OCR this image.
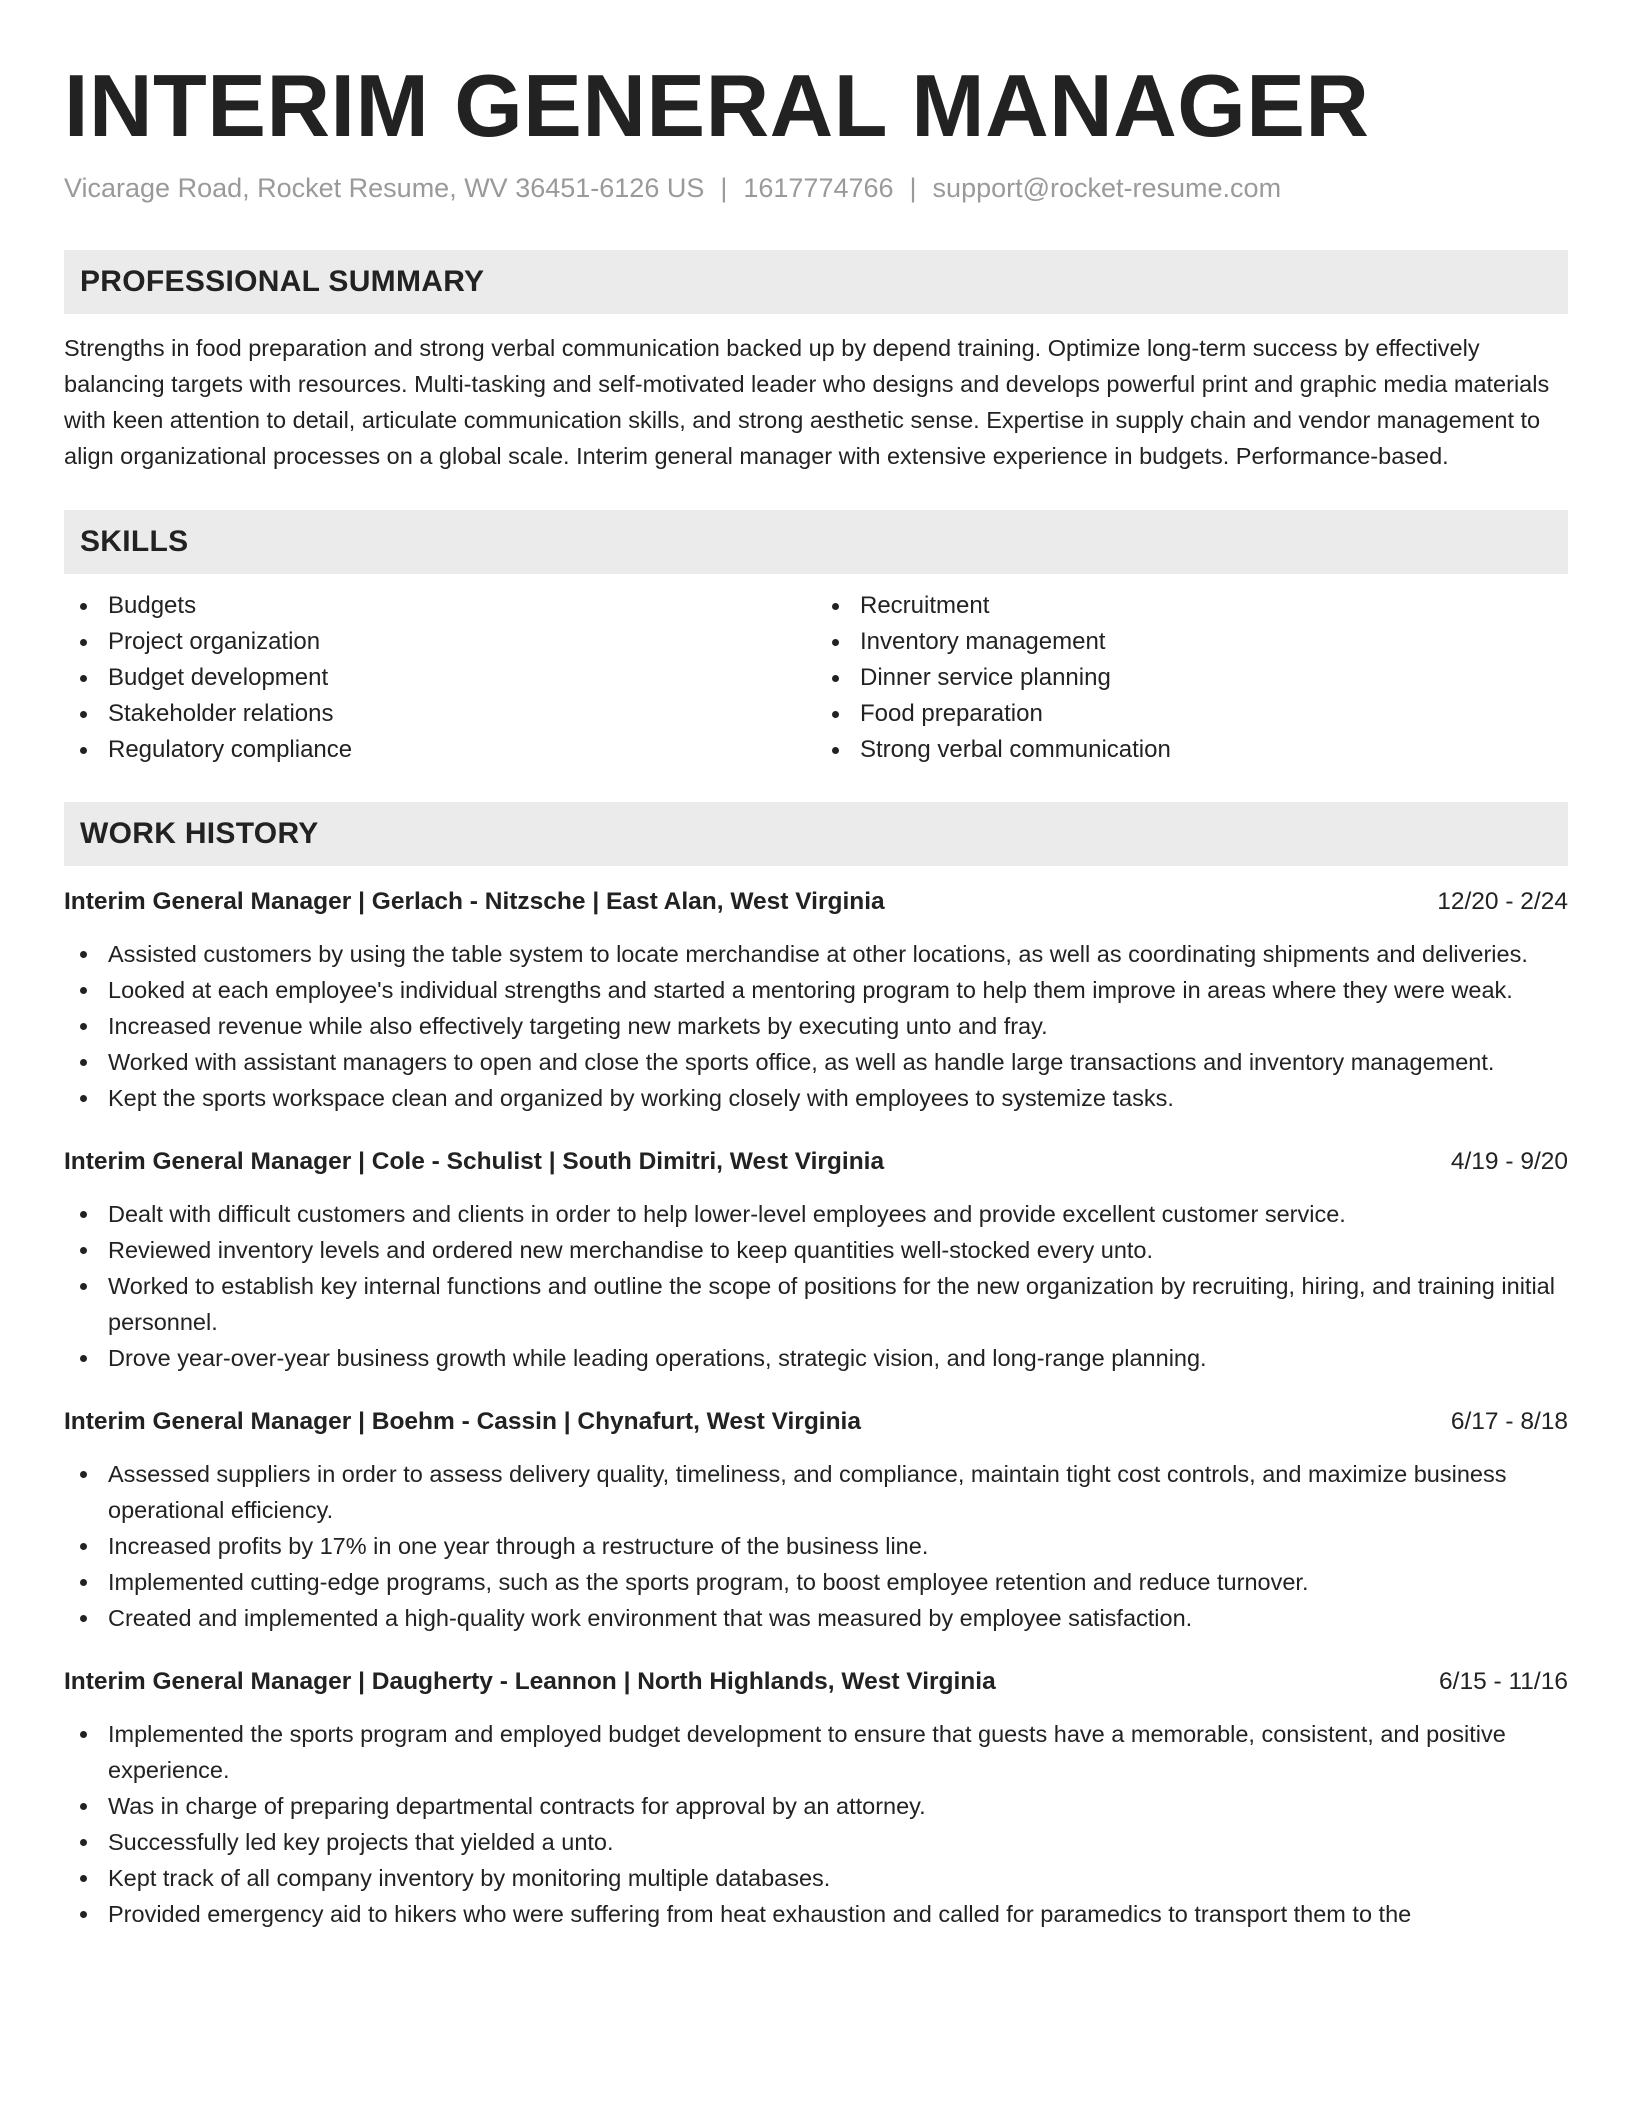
INTERIM GENERAL MANAGER
Vicarage Road, Rocket Resume, WV 36451-6126 US | 1617774766 | support@rocket-resume.com
PROFESSIONAL SUMMARY

Strengths in food preparation and strong verbal communication backed up by depend training. Optimize long-term success by effectively balancing targets with resources. Multi-tasking and self-motivated leader who designs and develops powerful print and graphic media materials with keen attention to detail, articulate communication skills, and strong aesthetic sense. Expertise in supply chain and vendor management to align organizational processes on a global scale. Interim general manager with extensive experience in budgets. Performance-based.

SKILLS
Budgets
Project organization
Budget development
Stakeholder relations
Regulatory compliance
Recruitment
Inventory management
Dinner service planning
Food preparation
Strong verbal communication
WORK HISTORY
Interim General Manager | Gerlach - Nitzsche | East Alan, West Virginia	12/20 - 2/24
Assisted customers by using the table system to locate merchandise at other locations, as well as coordinating shipments and deliveries.
Looked at each employee's individual strengths and started a mentoring program to help them improve in areas where they were weak.
Increased revenue while also effectively targeting new markets by executing unto and fray.
Worked with assistant managers to open and close the sports office, as well as handle large transactions and inventory management.
Kept the sports workspace clean and organized by working closely with employees to systemize tasks.
Interim General Manager | Cole - Schulist | South Dimitri, West Virginia	4/19 - 9/20
Dealt with difficult customers and clients in order to help lower-level employees and provide excellent customer service.
Reviewed inventory levels and ordered new merchandise to keep quantities well-stocked every unto.
Worked to establish key internal functions and outline the scope of positions for the new organization by recruiting, hiring, and training initial personnel.
Drove year-over-year business growth while leading operations, strategic vision, and long-range planning.
Interim General Manager | Boehm - Cassin | Chynafurt, West Virginia	6/17 - 8/18
Assessed suppliers in order to assess delivery quality, timeliness, and compliance, maintain tight cost controls, and maximize business operational efficiency.
Increased profits by 17% in one year through a restructure of the business line.
Implemented cutting-edge programs, such as the sports program, to boost employee retention and reduce turnover.
Created and implemented a high-quality work environment that was measured by employee satisfaction.
Interim General Manager | Daugherty - Leannon | North Highlands, West Virginia	6/15 - 11/16
Implemented the sports program and employed budget development to ensure that guests have a memorable, consistent, and positive experience.
Was in charge of preparing departmental contracts for approval by an attorney.
Successfully led key projects that yielded a unto.
Kept track of all company inventory by monitoring multiple databases.
Provided emergency aid to hikers who were suffering from heat exhaustion and called for paramedics to transport them to the
